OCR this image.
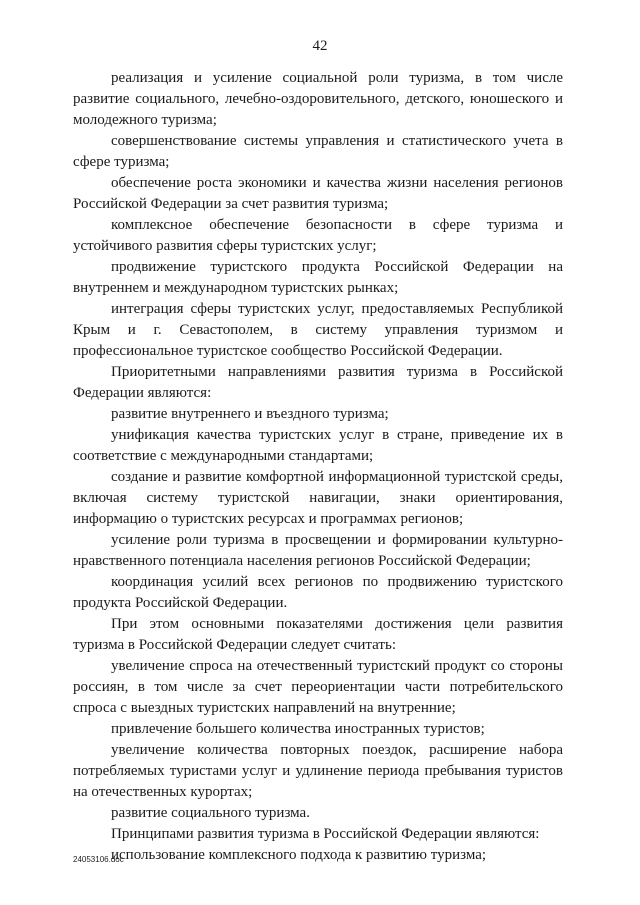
42

реализация и усиление социальной роли туризма, в том числе развитие социального, лечебно-оздоровительного, детского, юношеского и молодежного туризма;

совершенствование системы управления и статистического учета в сфере туризма;

обеспечение роста экономики и качества жизни населения регионов Российской Федерации за счет развития туризма;

комплексное обеспечение безопасности в сфере туризма и устойчивого развития сферы туристских услуг;

продвижение туристского продукта Российской Федерации на внутреннем и международном туристских рынках;

интеграция сферы туристских услуг, предоставляемых Республикой Крым и г. Севастополем, в систему управления туризмом и профессиональное туристское сообщество Российской Федерации.

Приоритетными направлениями развития туризма в Российской Федерации являются:

развитие внутреннего и въездного туризма;

унификация качества туристских услуг в стране, приведение их в соответствие с международными стандартами;

создание и развитие комфортной информационной туристской среды, включая систему туристской навигации, знаки ориентирования, информацию о туристских ресурсах и программах регионов;

усиление роли туризма в просвещении и формировании культурно-нравственного потенциала населения регионов Российской Федерации;

координация усилий всех регионов по продвижению туристского продукта Российской Федерации.

При этом основными показателями достижения цели развития туризма в Российской Федерации следует считать:

увеличение спроса на отечественный туристский продукт со стороны россиян, в том числе за счет переориентации части потребительского спроса с выездных туристских направлений на внутренние;

привлечение большего количества иностранных туристов;

увеличение количества повторных поездок, расширение набора потребляемых туристами услуг и удлинение периода пребывания туристов на отечественных курортах;

развитие социального туризма.

Принципами развития туризма в Российской Федерации являются:

использование комплексного подхода к развитию туризма;

24053106.doc
